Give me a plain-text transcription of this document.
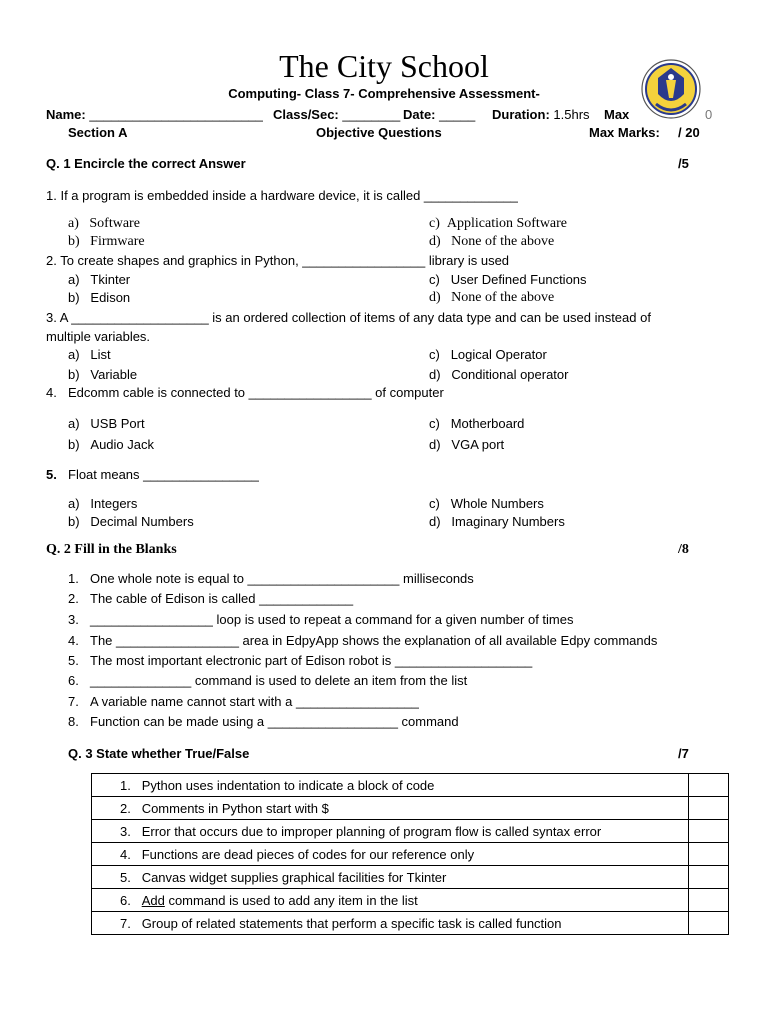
The City School
Computing- Class 7- Comprehensive Assessment-
Name: ________________________ Class/Sec: ________ Date: _____ Duration: 1.5hrs Max	0
Section A	Objective Questions	Max Marks: / 20
Q. 1 Encircle the correct Answer	/5
1. If a program is embedded inside a hardware device, it is called _____________
a) Software
b) Firmware
c) Application Software
d) None of the above
2. To create shapes and graphics in Python, _________________ library is used
a) Tkinter
b) Edison
c) User Defined Functions
d) None of the above
3. A ___________________ is an ordered collection of items of any data type and can be used instead of
multiple variables.
a) List
b) Variable
c) Logical Operator
d) Conditional operator
4. Edcomm cable is connected to _________________ of computer
a) USB Port
b) Audio Jack
c) Motherboard
d) VGA port
5. Float means ________________
a) Integers
b) Decimal Numbers
c) Whole Numbers
d) Imaginary Numbers
Q. 2 Fill in the Blanks	/8
1. One whole note is equal to _____________________ milliseconds
2. The cable of Edison is called _____________
3. _________________ loop is used to repeat a command for a given number of times
4. The _________________ area in EdpyApp shows the explanation of all available Edpy commands
5. The most important electronic part of Edison robot is ___________________
6. ______________ command is used to delete an item from the list
7. A variable name cannot start with a _________________
8. Function can be made using a __________________ command
Q. 3 State whether True/False	/7
1. Python uses indentation to indicate a block of code	
2. Comments in Python start with $	
3. Error that occurs due to improper planning of program flow is called syntax error	
4. Functions are dead pieces of codes for our reference only	
5. Canvas widget supplies graphical facilities for Tkinter	
6. Add command is used to add any item in the list	
7. Group of related statements that perform a specific task is called function	
